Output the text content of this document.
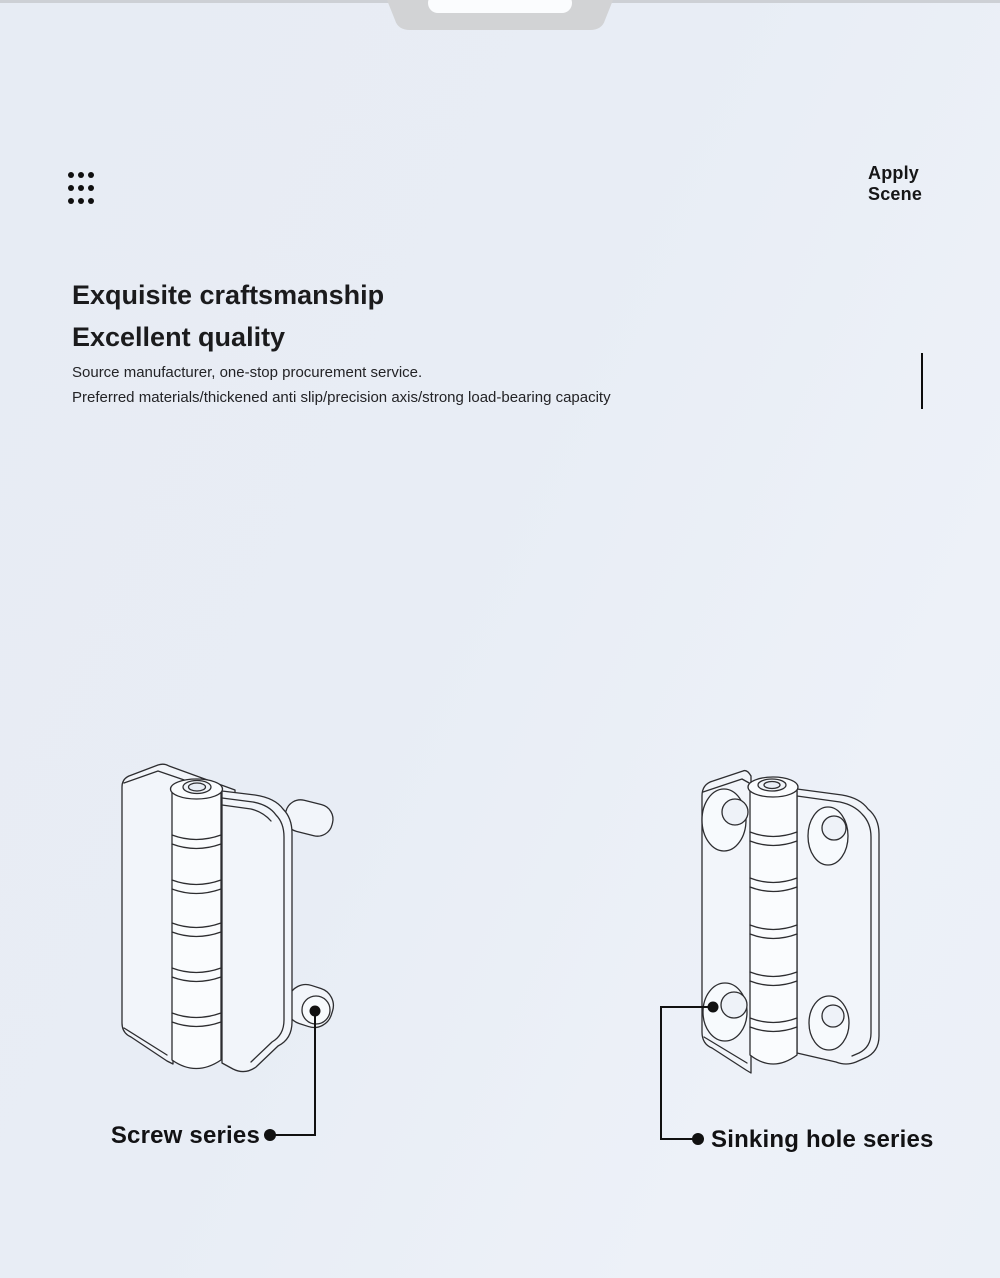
Apply
Scene
Exquisite craftsmanship
Excellent quality
Source manufacturer, one-stop procurement service.
Preferred materials/thickened anti slip/precision axis/strong load-bearing capacity
Screw series	Sinking hole series
